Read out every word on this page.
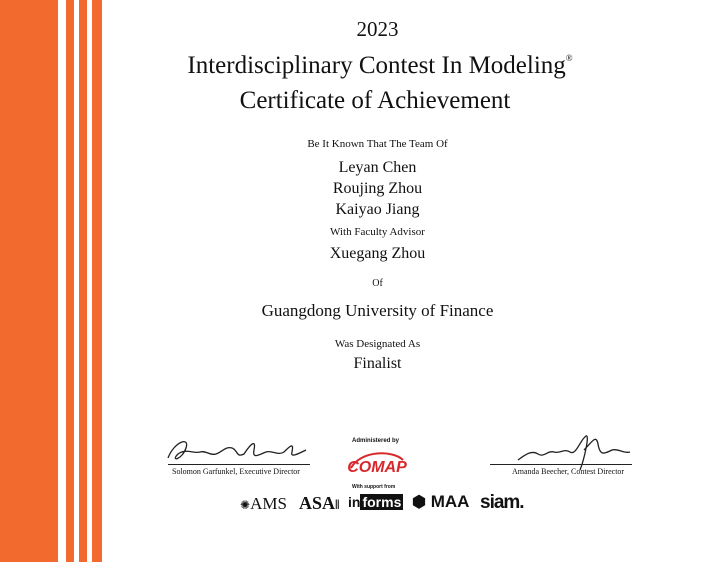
2023
Interdisciplinary Contest In Modeling®
Certificate of Achievement
Be It Known That The Team Of
Leyan Chen
Roujing Zhou
Kaiyao Jiang
With Faculty Advisor
Xuegang Zhou
Of
Guangdong University of Finance
Was Designated As
Finalist
Solomon Garfunkel, Executive Director	Amanda Beecher, Contest Director
Administered by
COMAP
With support from
✺AMS ASA‖ in forms ⬢ MAA siam.
